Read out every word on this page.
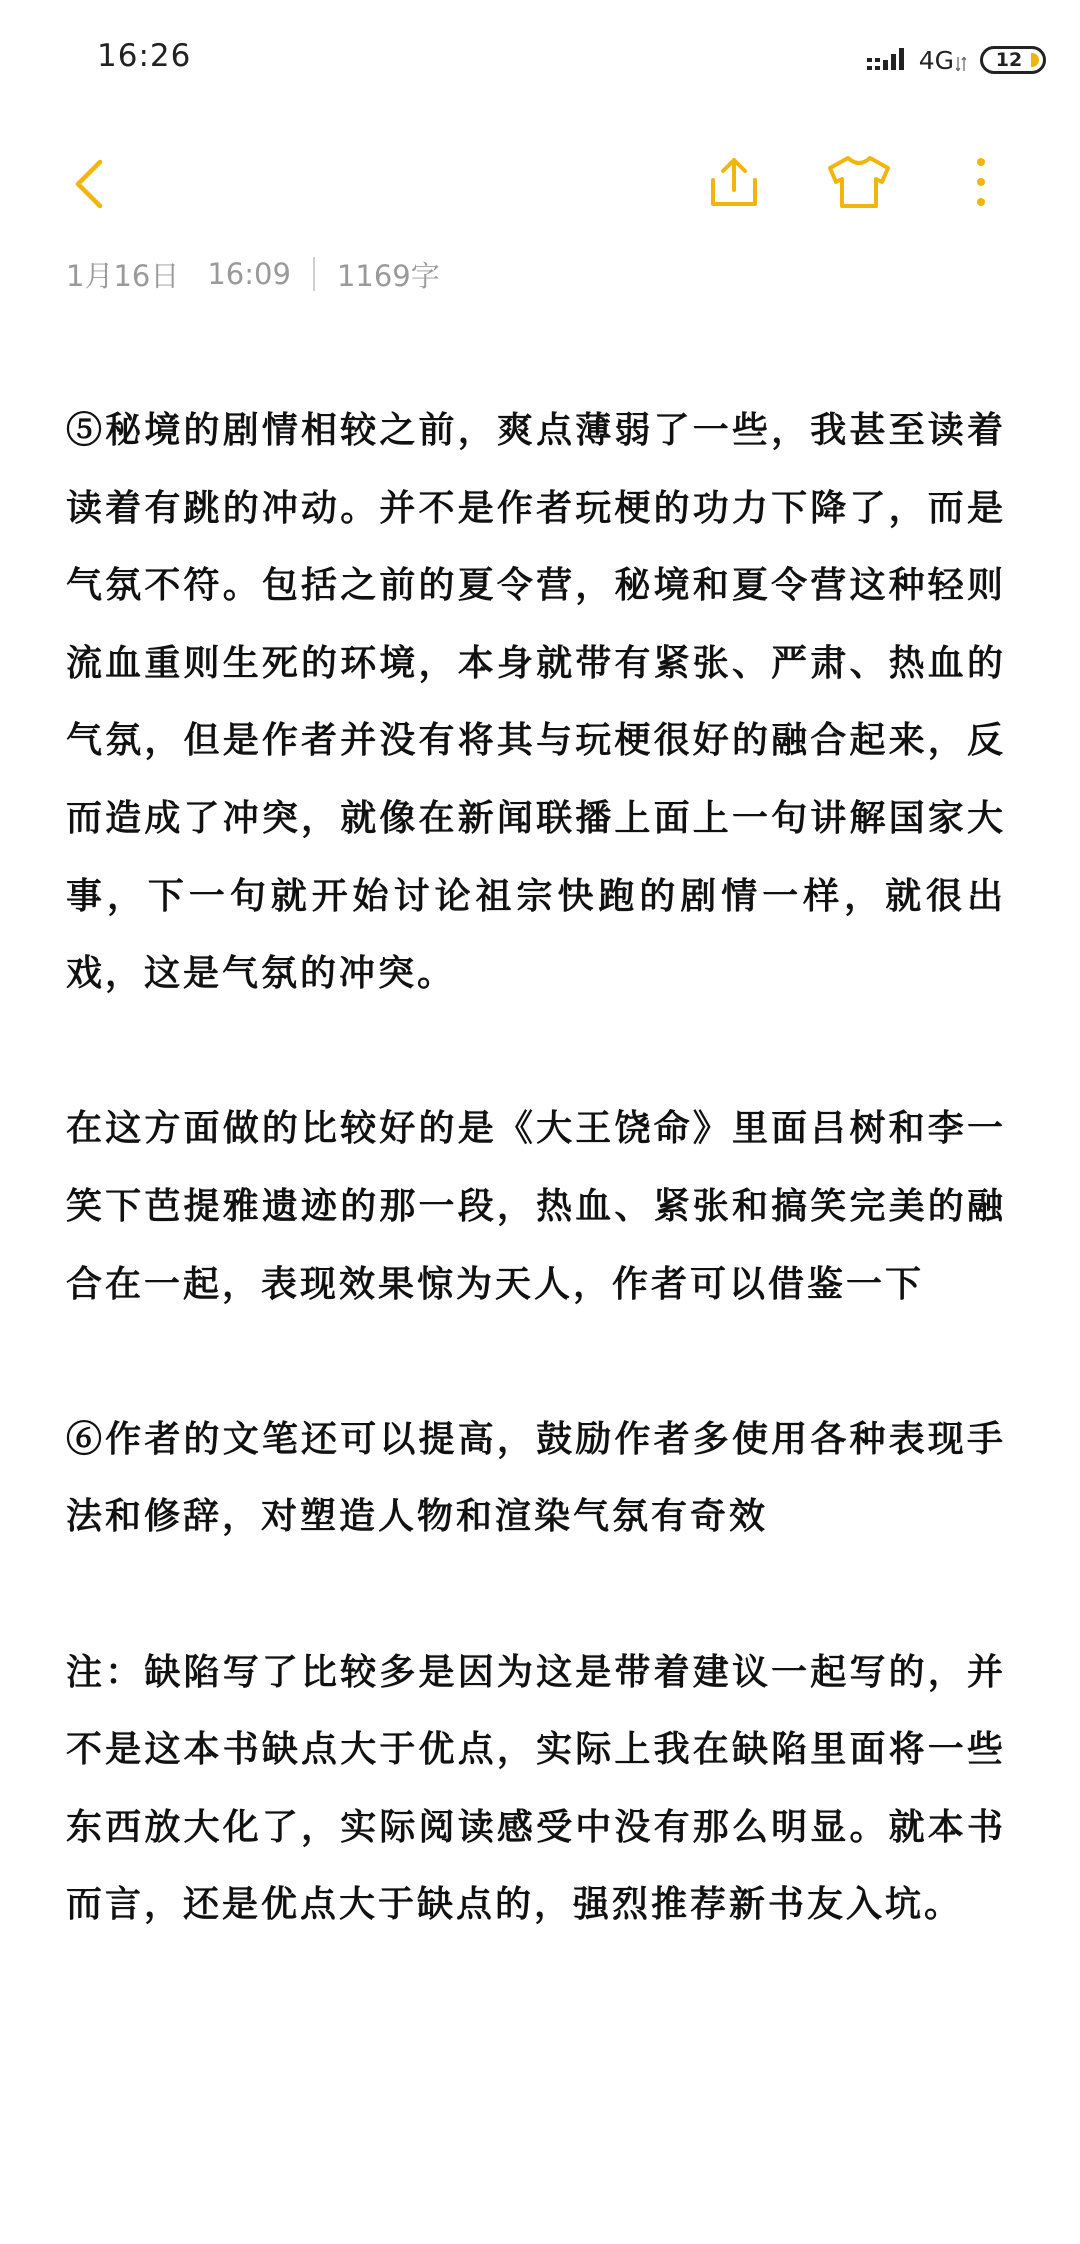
16:26	4G 12
1月16日 16:09 1169字

⑤秘境的剧情相较之前，爽点薄弱了一些，我甚至读着读着有跳的冲动。并不是作者玩梗的功力下降了，而是气氛不符。包括之前的夏令营，秘境和夏令营这种轻则流血重则生死的环境，本身就带有紧张、严肃、热血的气氛，但是作者并没有将其与玩梗很好的融合起来，反而造成了冲突，就像在新闻联播上面上一句讲解国家大事，下一句就开始讨论祖宗快跑的剧情一样，就很出戏，这是气氛的冲突。

在这方面做的比较好的是《大王饶命》里面吕树和李一笑下芭提雅遗迹的那一段，热血、紧张和搞笑完美的融合在一起，表现效果惊为天人，作者可以借鉴一下

⑥作者的文笔还可以提高，鼓励作者多使用各种表现手法和修辞，对塑造人物和渲染气氛有奇效

注：缺陷写了比较多是因为这是带着建议一起写的，并不是这本书缺点大于优点，实际上我在缺陷里面将一些东西放大化了，实际阅读感受中没有那么明显。就本书而言，还是优点大于缺点的，强烈推荐新书友入坑。
